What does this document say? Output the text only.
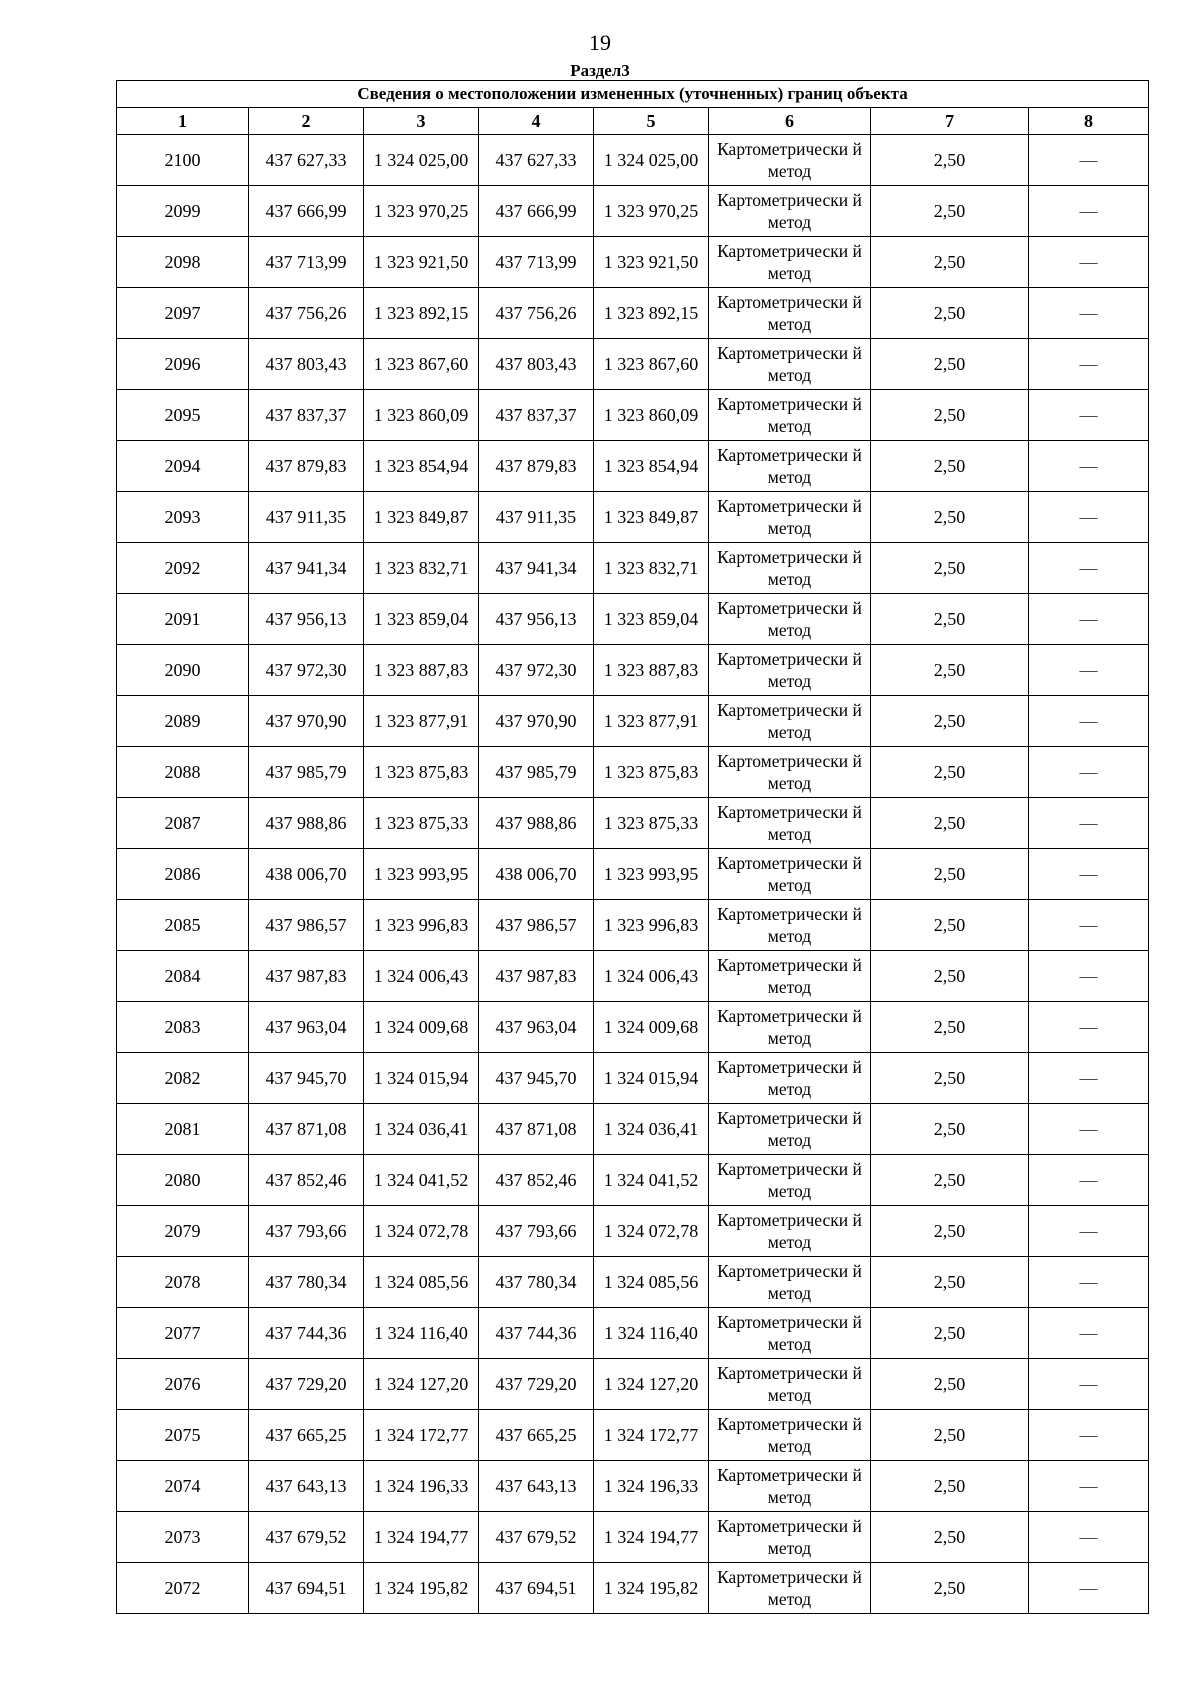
19
Раздел3
Сведения о местоположении измененных (уточненных) границ объекта							
1	2	3	4	5	6	7	8
2100	437 627,33	1 324 025,00	437 627,33	1 324 025,00	Картометрически й метод	2,50	—
2099	437 666,99	1 323 970,25	437 666,99	1 323 970,25	Картометрически й метод	2,50	—
2098	437 713,99	1 323 921,50	437 713,99	1 323 921,50	Картометрически й метод	2,50	—
2097	437 756,26	1 323 892,15	437 756,26	1 323 892,15	Картометрически й метод	2,50	—
2096	437 803,43	1 323 867,60	437 803,43	1 323 867,60	Картометрически й метод	2,50	—
2095	437 837,37	1 323 860,09	437 837,37	1 323 860,09	Картометрически й метод	2,50	—
2094	437 879,83	1 323 854,94	437 879,83	1 323 854,94	Картометрически й метод	2,50	—
2093	437 911,35	1 323 849,87	437 911,35	1 323 849,87	Картометрически й метод	2,50	—
2092	437 941,34	1 323 832,71	437 941,34	1 323 832,71	Картометрически й метод	2,50	—
2091	437 956,13	1 323 859,04	437 956,13	1 323 859,04	Картометрически й метод	2,50	—
2090	437 972,30	1 323 887,83	437 972,30	1 323 887,83	Картометрически й метод	2,50	—
2089	437 970,90	1 323 877,91	437 970,90	1 323 877,91	Картометрически й метод	2,50	—
2088	437 985,79	1 323 875,83	437 985,79	1 323 875,83	Картометрически й метод	2,50	—
2087	437 988,86	1 323 875,33	437 988,86	1 323 875,33	Картометрически й метод	2,50	—
2086	438 006,70	1 323 993,95	438 006,70	1 323 993,95	Картометрически й метод	2,50	—
2085	437 986,57	1 323 996,83	437 986,57	1 323 996,83	Картометрически й метод	2,50	—
2084	437 987,83	1 324 006,43	437 987,83	1 324 006,43	Картометрически й метод	2,50	—
2083	437 963,04	1 324 009,68	437 963,04	1 324 009,68	Картометрически й метод	2,50	—
2082	437 945,70	1 324 015,94	437 945,70	1 324 015,94	Картометрически й метод	2,50	—
2081	437 871,08	1 324 036,41	437 871,08	1 324 036,41	Картометрически й метод	2,50	—
2080	437 852,46	1 324 041,52	437 852,46	1 324 041,52	Картометрически й метод	2,50	—
2079	437 793,66	1 324 072,78	437 793,66	1 324 072,78	Картометрически й метод	2,50	—
2078	437 780,34	1 324 085,56	437 780,34	1 324 085,56	Картометрически й метод	2,50	—
2077	437 744,36	1 324 116,40	437 744,36	1 324 116,40	Картометрически й метод	2,50	—
2076	437 729,20	1 324 127,20	437 729,20	1 324 127,20	Картометрически й метод	2,50	—
2075	437 665,25	1 324 172,77	437 665,25	1 324 172,77	Картометрически й метод	2,50	—
2074	437 643,13	1 324 196,33	437 643,13	1 324 196,33	Картометрически й метод	2,50	—
2073	437 679,52	1 324 194,77	437 679,52	1 324 194,77	Картометрически й метод	2,50	—
2072	437 694,51	1 324 195,82	437 694,51	1 324 195,82	Картометрически й метод	2,50	—
